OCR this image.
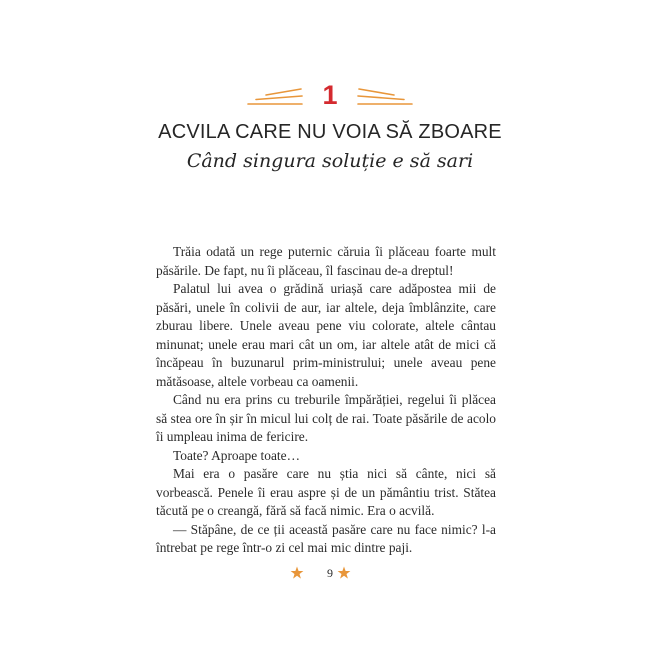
1
ACVILA CARE NU VOIA SĂ ZBOARE
Când singura soluție e să sari

Trăia odată un rege puternic căruia îi plăceau foarte mult păsările. De fapt, nu îi plăceau, îl fascinau de-a dreptul!

Palatul lui avea o grădină uriașă care adăpostea mii de păsări, unele în colivii de aur, iar altele, deja îmblânzite, care zburau libere. Unele aveau pene viu colorate, altele cântau minunat; unele erau mari cât un om, iar altele atât de mici că încăpeau în buzunarul prim-ministrului; unele aveau pene mătăsoase, altele vorbeau ca oamenii.

Când nu era prins cu treburile împărăției, regelui îi plăcea să stea ore în șir în micul lui colț de rai. Toate păsările de acolo îi umpleau inima de fericire.

Toate? Aproape toate…

Mai era o pasăre care nu știa nici să cânte, nici să vorbească. Penele îi erau aspre și de un pământiu trist. Stătea tăcută pe o creangă, fără să facă nimic. Era o acvilă.

— Stăpâne, de ce ții această pasăre care nu face nimic? l-a întrebat pe rege într-o zi cel mai mic dintre paji.

9
